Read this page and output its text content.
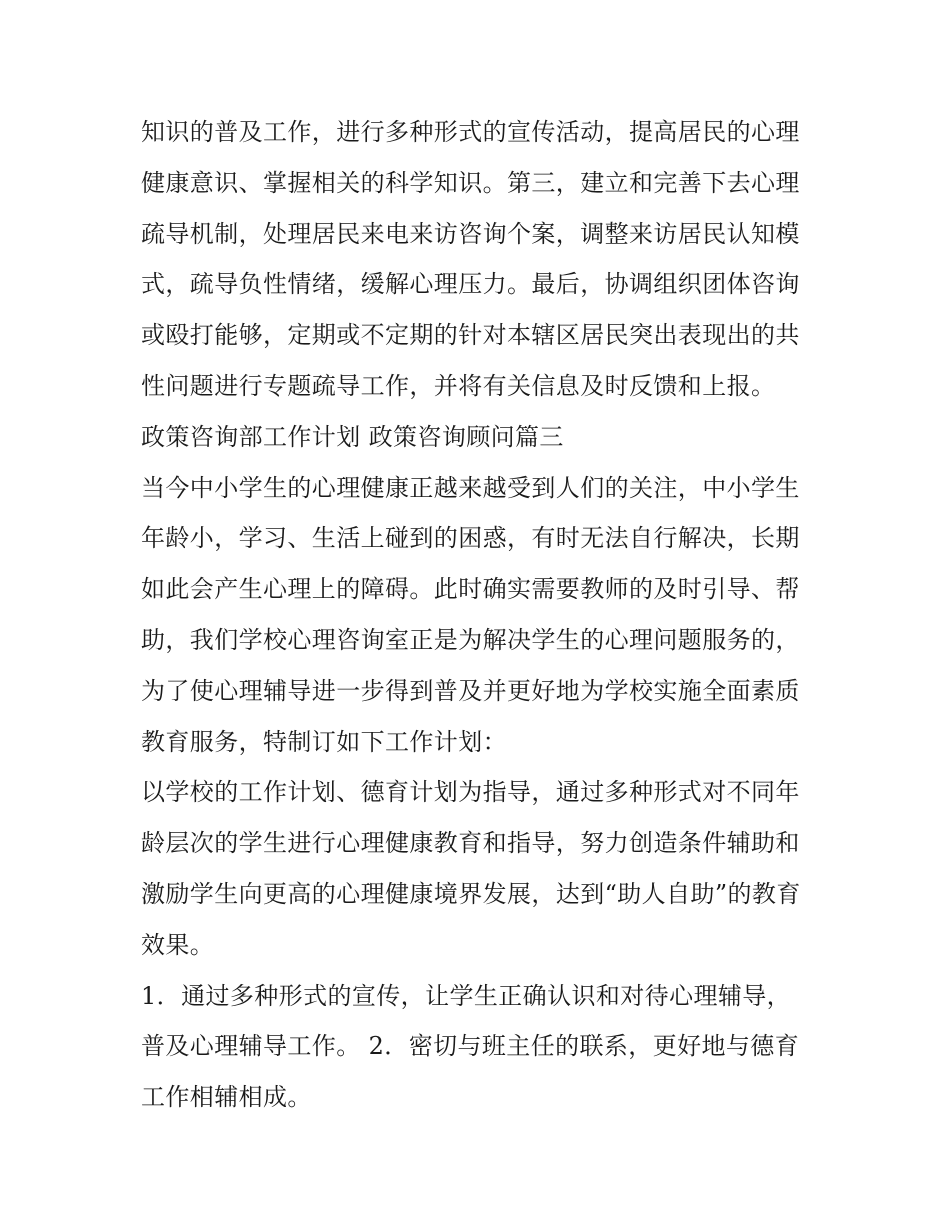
知识的普及工作，进行多种形式的宣传活动，提高居民的心理
健康意识、掌握相关的科学知识。第三，建立和完善下去心理
疏导机制，处理居民来电来访咨询个案，调整来访居民认知模
式，疏导负性情绪，缓解心理压力。最后，协调组织团体咨询
或殴打能够，定期或不定期的针对本辖区居民突出表现出的共
性问题进行专题疏导工作，并将有关信息及时反馈和上报。
政策咨询部工作计划 政策咨询顾问篇三
当今中小学生的心理健康正越来越受到人们的关注，中小学生
年龄小，学习、生活上碰到的困惑，有时无法自行解决，长期
如此会产生心理上的障碍。此时确实需要教师的及时引导、帮
助，我们学校心理咨询室正是为解决学生的心理问题服务的，
为了使心理辅导进一步得到普及并更好地为学校实施全面素质
教育服务，特制订如下工作计划：
以学校的工作计划、德育计划为指导，通过多种形式对不同年
龄层次的学生进行心理健康教育和指导，努力创造条件辅助和
激励学生向更高的心理健康境界发展，达到“助人自助”的教育
效果。
1．通过多种形式的宣传，让学生正确认识和对待心理辅导，
普及心理辅导工作。 2．密切与班主任的联系，更好地与德育
工作相辅相成。
